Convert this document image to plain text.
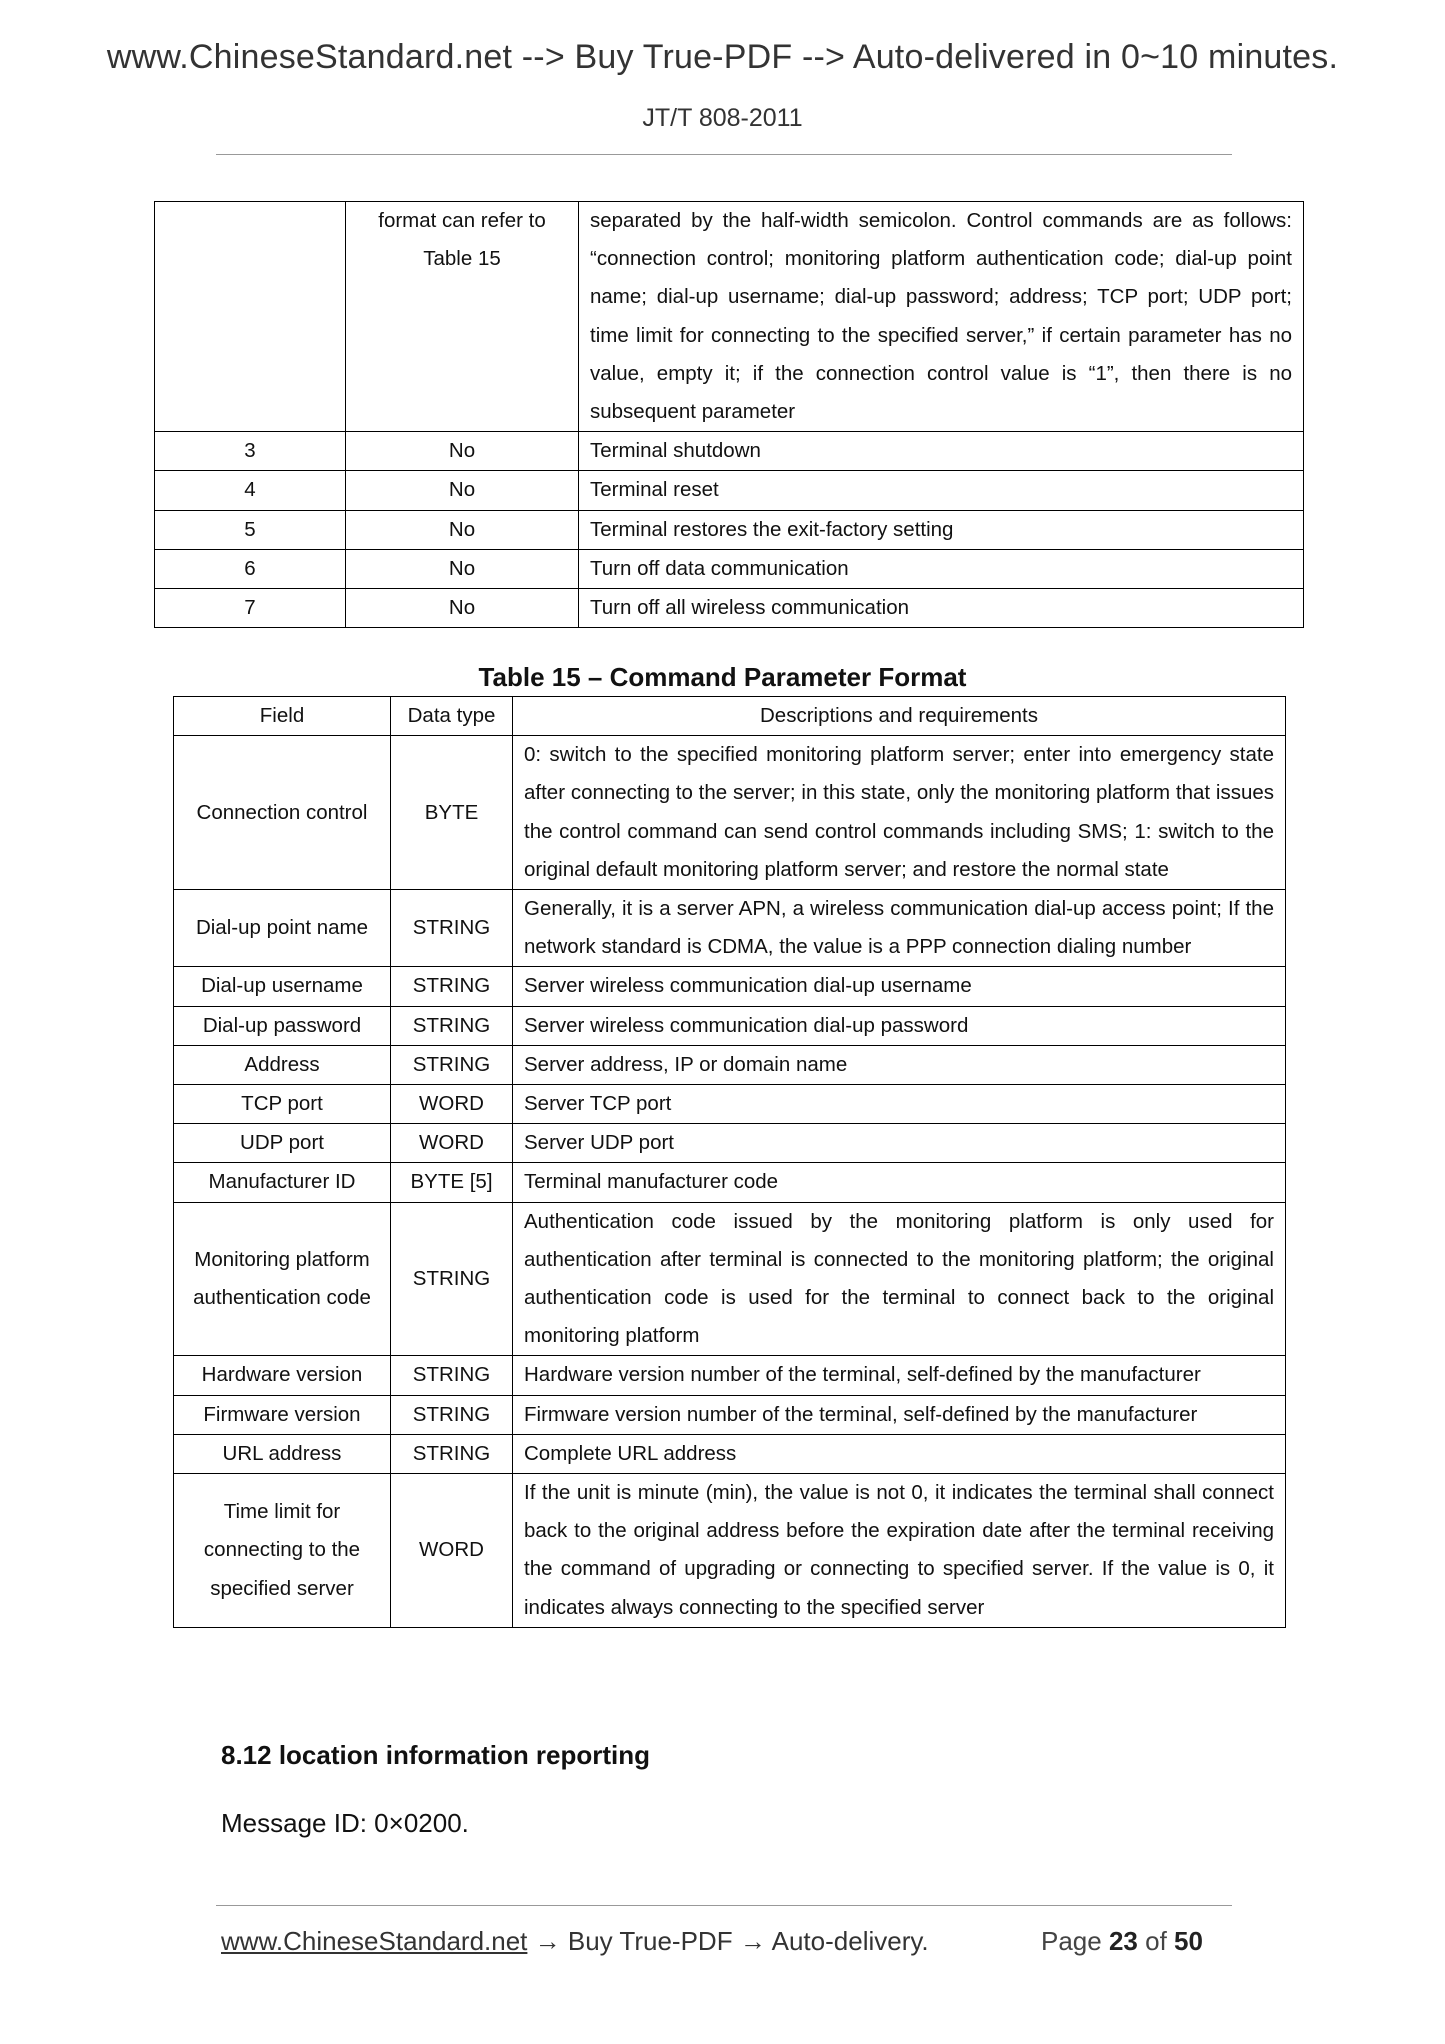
www.ChineseStandard.net --> Buy True-PDF --> Auto-delivered in 0~10 minutes.
JT/T 808-2011
	format can refer to Table 15	separated by the half-width semicolon. Control commands are as follows: “connection control; monitoring platform authentication code; dial-up point name; dial-up username; dial-up password; address; TCP port; UDP port; time limit for connecting to the specified server,” if certain parameter has no value, empty it; if the connection control value is “1”, then there is no subsequent parameter
3	No	Terminal shutdown
4	No	Terminal reset
5	No	Terminal restores the exit-factory setting
6	No	Turn off data communication
7	No	Turn off all wireless communication
Table 15 – Command Parameter Format
Field	Data type	Descriptions and requirements
Connection control	BYTE	0: switch to the specified monitoring platform server; enter into emergency state after connecting to the server; in this state, only the monitoring platform that issues the control command can send control commands including SMS; 1: switch to the original default monitoring platform server; and restore the normal state
Dial-up point name	STRING	Generally, it is a server APN, a wireless communication dial-up access point; If the network standard is CDMA, the value is a PPP connection dialing number
Dial-up username	STRING	Server wireless communication dial-up username
Dial-up password	STRING	Server wireless communication dial-up password
Address	STRING	Server address, IP or domain name
TCP port	WORD	Server TCP port
UDP port	WORD	Server UDP port
Manufacturer ID	BYTE [5]	Terminal manufacturer code
Monitoring platform authentication code	STRING	Authentication code issued by the monitoring platform is only used for authentication after terminal is connected to the monitoring platform; the original authentication code is used for the terminal to connect back to the original monitoring platform
Hardware version	STRING	Hardware version number of the terminal, self-defined by the manufacturer
Firmware version	STRING	Firmware version number of the terminal, self-defined by the manufacturer
URL address	STRING	Complete URL address
Time limit for connecting to the specified server	WORD	If the unit is minute (min), the value is not 0, it indicates the terminal shall connect back to the original address before the expiration date after the terminal receiving the command of upgrading or connecting to specified server. If the value is 0, it indicates always connecting to the specified server
8.12 location information reporting
Message ID: 0×0200.
www.ChineseStandard.net → Buy True-PDF → Auto-delivery.	Page 23 of 50
